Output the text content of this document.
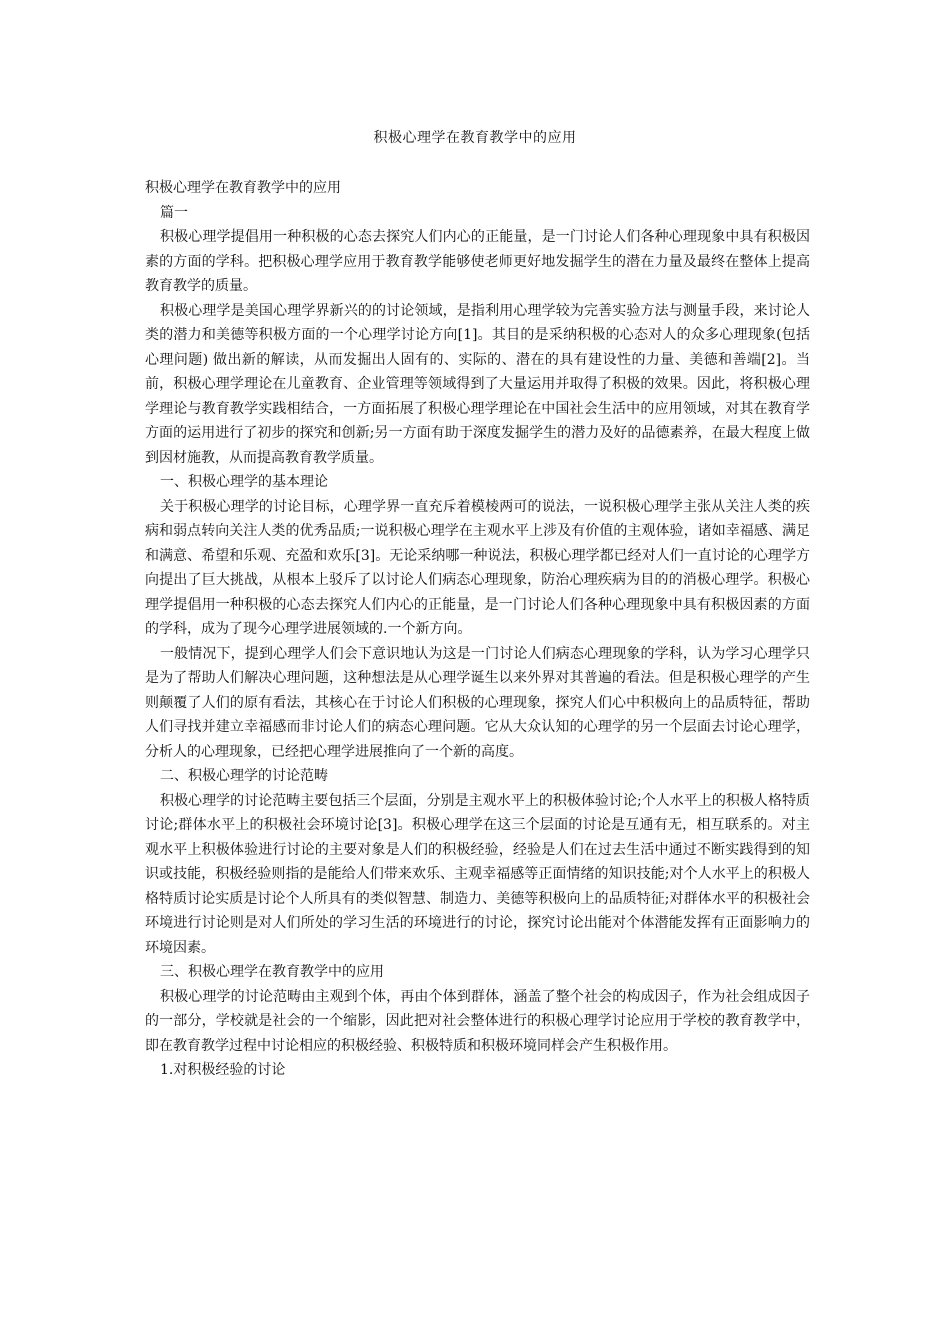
积极心理学在教育教学中的应用

积极心理学在教育教学中的应用

篇一

积极心理学提倡用一种积极的心态去探究人们内心的正能量，是一门讨论人们各种心理现象中具有积极因素的方面的学科。把积极心理学应用于教育教学能够使老师更好地发掘学生的潜在力量及最终在整体上提高教育教学的质量。

积极心理学是美国心理学界新兴的的讨论领域，是指利用心理学较为完善实验方法与测量手段，来讨论人类的潜力和美德等积极方面的一个心理学讨论方向[1]。其目的是采纳积极的心态对人的众多心理现象(包括心理问题) 做出新的解读，从而发掘出人固有的、实际的、潜在的具有建设性的力量、美德和善端[2]。当前，积极心理学理论在儿童教育、企业管理等领域得到了大量运用并取得了积极的效果。因此，将积极心理学理论与教育教学实践相结合，一方面拓展了积极心理学理论在中国社会生活中的应用领域，对其在教育学方面的运用进行了初步的探究和创新;另一方面有助于深度发掘学生的潜力及好的品德素养，在最大程度上做到因材施教，从而提高教育教学质量。

一、积极心理学的基本理论

关于积极心理学的讨论目标，心理学界一直充斥着模棱两可的说法，一说积极心理学主张从关注人类的疾病和弱点转向关注人类的优秀品质;一说积极心理学在主观水平上涉及有价值的主观体验，诸如幸福感、满足和满意、希望和乐观、充盈和欢乐[3]。无论采纳哪一种说法，积极心理学都已经对人们一直讨论的心理学方向提出了巨大挑战，从根本上驳斥了以讨论人们病态心理现象，防治心理疾病为目的的消极心理学。积极心理学提倡用一种积极的心态去探究人们内心的正能量，是一门讨论人们各种心理现象中具有积极因素的方面的学科，成为了现今心理学进展领域的.一个新方向。

一般情况下，提到心理学人们会下意识地认为这是一门讨论人们病态心理现象的学科，认为学习心理学只是为了帮助人们解决心理问题，这种想法是从心理学诞生以来外界对其普遍的看法。但是积极心理学的产生则颠覆了人们的原有看法，其核心在于讨论人们积极的心理现象，探究人们心中积极向上的品质特征，帮助人们寻找并建立幸福感而非讨论人们的病态心理问题。它从大众认知的心理学的另一个层面去讨论心理学，分析人的心理现象，已经把心理学进展推向了一个新的高度。

二、积极心理学的讨论范畴

积极心理学的讨论范畴主要包括三个层面，分别是主观水平上的积极体验讨论;个人水平上的积极人格特质讨论;群体水平上的积极社会环境讨论[3]。积极心理学在这三个层面的讨论是互通有无，相互联系的。对主观水平上积极体验进行讨论的主要对象是人们的积极经验，经验是人们在过去生活中通过不断实践得到的知识或技能，积极经验则指的是能给人们带来欢乐、主观幸福感等正面情绪的知识技能;对个人水平上的积极人格特质讨论实质是讨论个人所具有的类似智慧、制造力、美德等积极向上的品质特征;对群体水平的积极社会环境进行讨论则是对人们所处的学习生活的环境进行的讨论，探究讨论出能对个体潜能发挥有正面影响力的环境因素。

三、积极心理学在教育教学中的应用

积极心理学的讨论范畴由主观到个体，再由个体到群体，涵盖了整个社会的构成因子，作为社会组成因子的一部分，学校就是社会的一个缩影，因此把对社会整体进行的积极心理学讨论应用于学校的教育教学中，即在教育教学过程中讨论相应的积极经验、积极特质和积极环境同样会产生积极作用。

1.对积极经验的讨论
